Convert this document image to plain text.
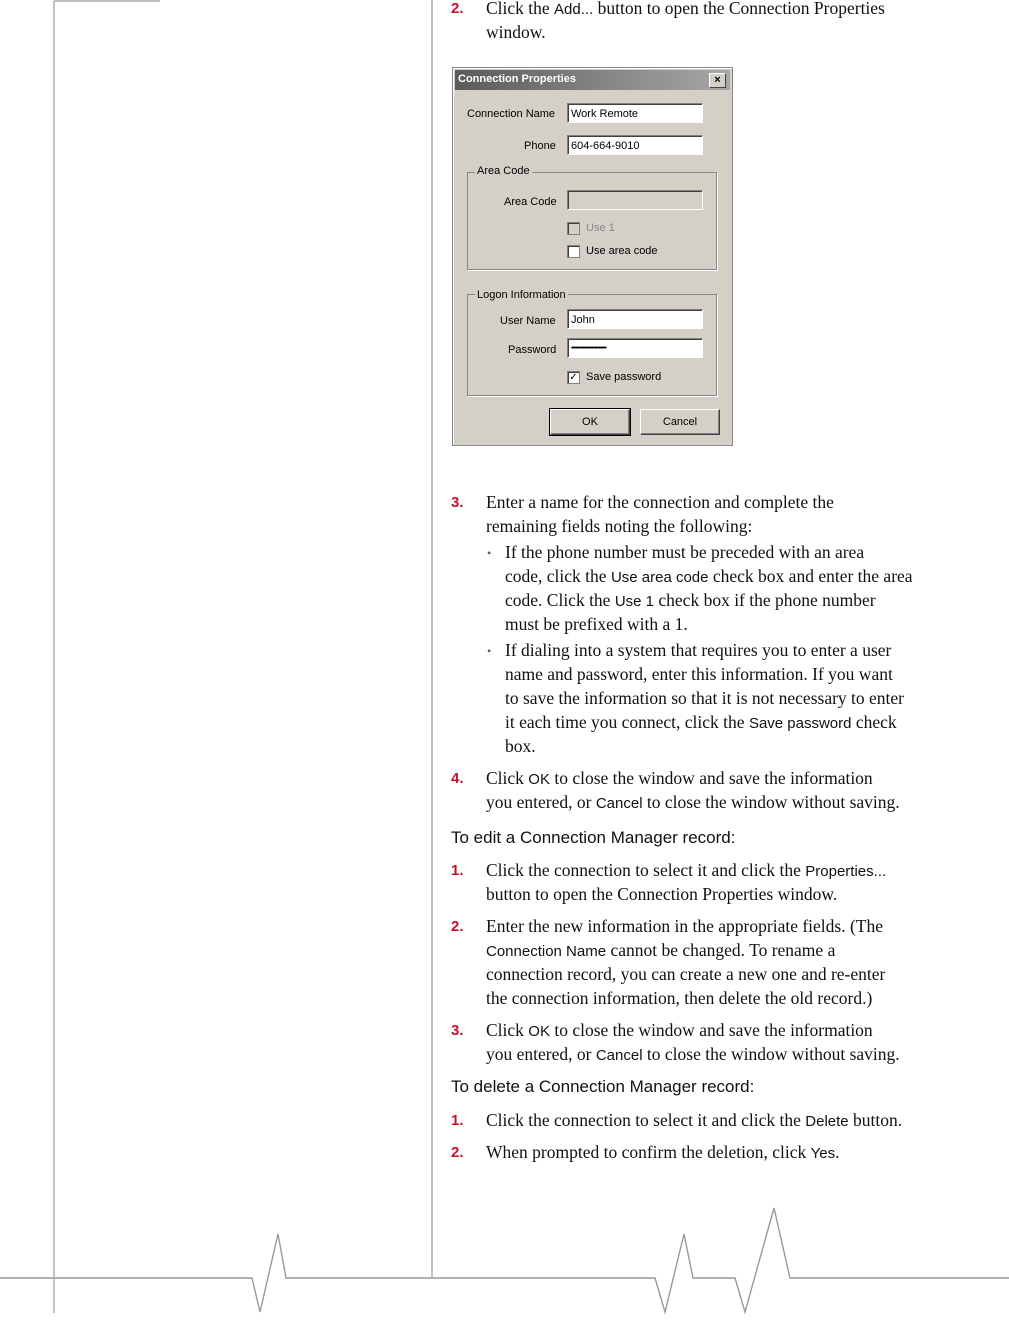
2. Click the Add... button to open the Connection Properties
window.
Connection Properties	×
Connection Name	Work Remote
Phone	604-664-9010
Area Code
Area Code
Use 1
Use area code
Logon Information
User Name	John
Password	••••••••••••••••••••••••
✓ Save password
OK	Cancel
3. Enter a name for the connection and complete the
remaining fields noting the following:
• If the phone number must be preceded with an area
code, click the Use area code check box and enter the area
code. Click the Use 1 check box if the phone number
must be prefixed with a 1.
• If dialing into a system that requires you to enter a user
name and password, enter this information. If you want
to save the information so that it is not necessary to enter
it each time you connect, click the Save password check
box.
4. Click OK to close the window and save the information
you entered, or Cancel to close the window without saving.
To edit a Connection Manager record:
1. Click the connection to select it and click the Properties...
button to open the Connection Properties window.
2. Enter the new information in the appropriate fields. (The
Connection Name cannot be changed. To rename a
connection record, you can create a new one and re-enter
the connection information, then delete the old record.)
3. Click OK to close the window and save the information
you entered, or Cancel to close the window without saving.
To delete a Connection Manager record:
1. Click the connection to select it and click the Delete button.
2. When prompted to confirm the deletion, click Yes.
